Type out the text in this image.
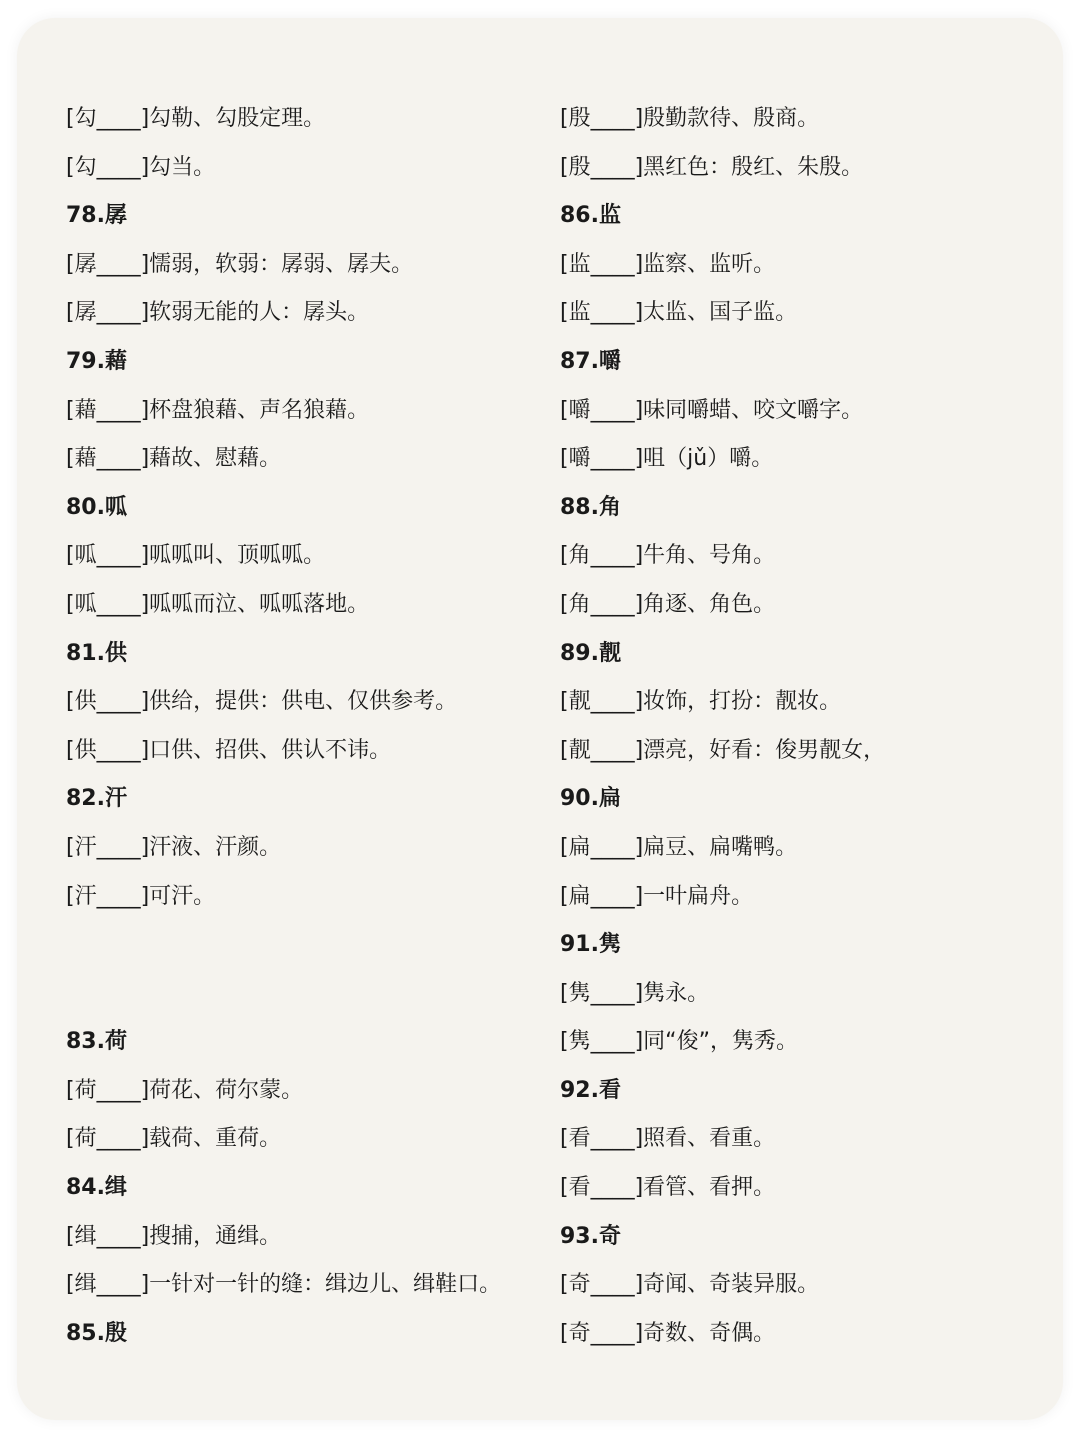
[勾____]勾勒、勾股定理。
[勾____]勾当。
78.孱
[孱____]懦弱，软弱：孱弱、孱夫。
[孱____]软弱无能的人：孱头。
79.藉
[藉____]杯盘狼藉、声名狼藉。
[藉____]藉故、慰藉。
80.呱
[呱____]呱呱叫、顶呱呱。
[呱____]呱呱而泣、呱呱落地。
81.供
[供____]供给，提供：供电、仅供参考。
[供____]口供、招供、供认不讳。
82.汗
[汗____]汗液、汗颜。
[汗____]可汗。
83.荷
[荷____]荷花、荷尔蒙。
[荷____]载荷、重荷。
84.缉
[缉____]搜捕，通缉。
[缉____]一针对一针的缝：缉边儿、缉鞋口。
85.殷
[殷____]殷勤款待、殷商。
[殷____]黑红色：殷红、朱殷。
86.监
[监____]监察、监听。
[监____]太监、国子监。
87.嚼
[嚼____]味同嚼蜡、咬文嚼字。
[嚼____]咀（jǔ）嚼。
88.角
[角____]牛角、号角。
[角____]角逐、角色。
89.靓
[靓____]妆饰，打扮：靓妆。
[靓____]漂亮，好看：俊男靓女，
90.扁
[扁____]扁豆、扁嘴鸭。
[扁____]一叶扁舟。
91.隽
[隽____]隽永。
[隽____]同“俊”，隽秀。
92.看
[看____]照看、看重。
[看____]看管、看押。
93.奇
[奇____]奇闻、奇装异服。
[奇____]奇数、奇偶。
